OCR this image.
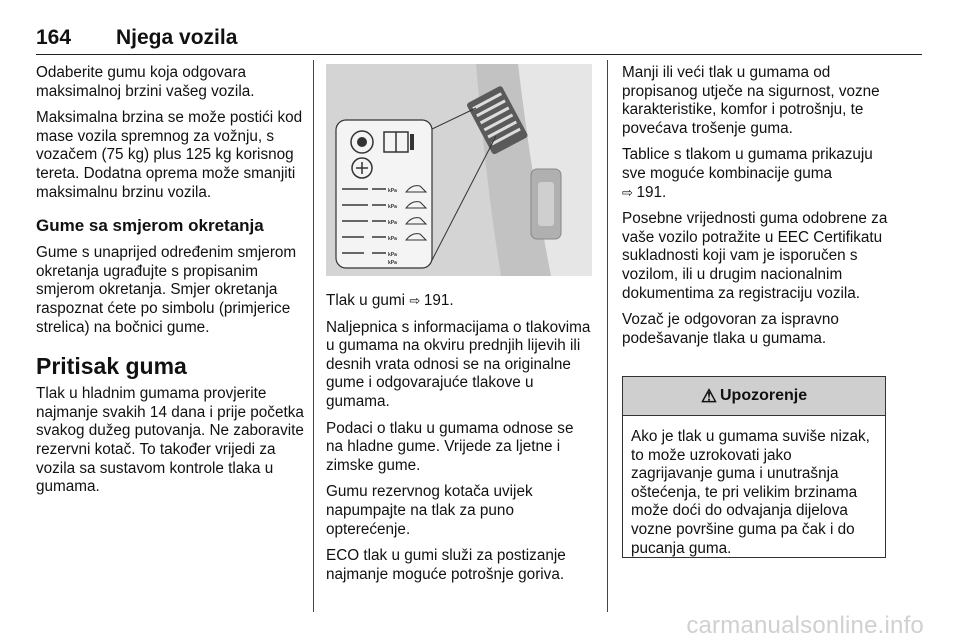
164 Njega vozila

Odaberite gumu koja odgovara maksimalnoj brzini vašeg vozila.

Maksimalna brzina se može postići kod mase vozila spremnog za vožnju, s vozačem (75 kg) plus 125 kg korisnog tereta. Dodatna oprema može smanjiti maksimalnu brzinu vozila.

Gume sa smjerom okretanja

Gume s unaprijed određenim smjerom okretanja ugrađujte s propisanim smjerom okretanja. Smjer okretanja raspoznat ćete po simbolu (primjerice strelica) na bočnici gume.

Pritisak guma

Tlak u hladnim gumama provjerite najmanje svakih 14 dana i prije početka svakog dužeg putovanja. Ne zaboravite rezervni kotač. To također vrijedi za vozila sa sustavom kontrole tlaka u gumama.

kPa
kPa
kPa
kPa
kPa
kPa

Tlak u gumi ⇨ 191.

Naljepnica s informacijama o tlakovima u gumama na okviru prednjih lijevih ili desnih vrata odnosi se na originalne gume i odgovarajuće tlakove u gumama.

Podaci o tlaku u gumama odnose se na hladne gume. Vrijede za ljetne i zimske gume.

Gumu rezervnog kotača uvijek napumpajte na tlak za puno opterećenje.

ECO tlak u gumi služi za postizanje najmanje moguće potrošnje goriva.

Manji ili veći tlak u gumama od propisanog utječe na sigurnost, vozne karakteristike, komfor i potrošnju, te povećava trošenje guma.

Tablice s tlakom u gumama prikazuju sve moguće kombinacije guma
⇨ 191.

Posebne vrijednosti guma odobrene za vaše vozilo potražite u EEC Certifikatu sukladnosti koji vam je isporučen s vozilom, ili u drugim nacionalnim dokumentima za registraciju vozila.

Vozač je odgovoran za ispravno podešavanje tlaka u gumama.

⚠ Upozorenje
Ako je tlak u gumama suviše nizak, to može uzrokovati jako zagrijavanje guma i unutrašnja oštećenja, te pri velikim brzinama može doći do odvajanja dijelova vozne površine guma pa čak i do pucanja guma.
carmanualsonline.info
